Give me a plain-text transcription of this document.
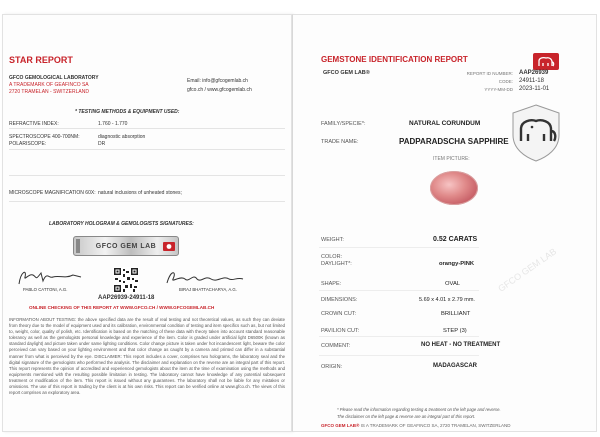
STAR REPORT
GFCO GEMOLOGICAL LABORATORY
A TRADEMARK OF GEAFINCO SA
2720 TRAMELAN - SWITZERLAND
Email: info@gfcogemlab.ch
gfco.ch / www.gfcogemlab.ch
* TESTING METHODS & EQUIPMENT USED:
REFRACTIVE INDEX:	1.760 - 1.770
SPECTROSCOPE 400-700NM:	diagnostic absorption
POLARISCOPE:	DR
MICROSCOPE MAGNIFICATION 60X: natural inclusions of unheated stones;
LABORATORY HOLOGRAM & GEMOLOGISTS SIGNATURES:
GFCO GEM LAB
PABLO CATTONI, A.G.	BIRAJ BHATTACHARYA, A.G.
AAP26939-24911-18
ONLINE CHECKING OF THIS REPORT AT WWW.GFCO.CH / WWW.GFCOGEMLAB.CH
INFORMATION ABOUT TESTING: the above specified data are the result of real testing and not theoretical values, as such they can deviate from theory due to the model of equipment used and its calibration, environmental condition of testing and item specifics such as, but not limited to, weight, color, quality of polish, etc. Identification is based on the matching of these data with theory taken into account standard reasonable tolerancy as well as the gemologists personal knowledge and experience of the item. Color is graded under artificial light D6500K (known as standard daylight) and picture taken under same lighting conditions. Color change picture is taken under hot incandescent light, beware the color perceived can vary based on your lighting environment and that color change as caught by a camera and printed can differ in a substantial manner from what is perceived by the eye. DISCLAIMER: This report includes a cover, comprises two holograms, the laboratory seal and the digital signature of the gemologists who performed the analysis. The disclaimer and explanation on the reverse are an integral part of this report. This report represents the opinion of accredited and experienced gemologists about the item at the time of examination using the methods and equipments mentioned with the resulting possible limitation in testing. The laboratory cannot have knowledge of any potential subsequent treatment or modification of the item. This report is issued without any guarantees. The laboratory shall not be liable for any mistakes or omissions. The use of this report in trading by the client is at his own risks. This report can be verified online at www.gfco.ch. The views of this report comprises an exploratory area.
GEMSTONE IDENTIFICATION REPORT
GFCO GEM LAB®	REPORT ID NUMBER: AAP26939
CODE: 24911-18
YYYY-MM-DD 2023-11-01
FAMILY/SPECIE*:	NATURAL CORUNDUM
TRADE NAME:	PADPARADSCHA SAPPHIRE
ITEM PICTURE:
GFCO GEM LAB
WEIGHT:	0.52 CARATS
COLOR:
DAYLIGHT*:	orangy-PINK
SHAPE:	OVAL
DIMENSIONS:	5.69 x 4.01 x 2.79 mm.
CROWN CUT:	BRILLIANT
PAVILION CUT:	STEP (3)
COMMENT:	NO HEAT - NO TREATMENT
ORIGIN:	MADAGASCAR
* Please read the information regarding testing & treatment on the left page and reverse.
The disclaimer on the left page & reverse are an integral part of this report.
GFCO GEM LAB® IS A TRADEMARK OF GEAFINCO SA, 2720 TRAMELAN, SWITZERLAND
